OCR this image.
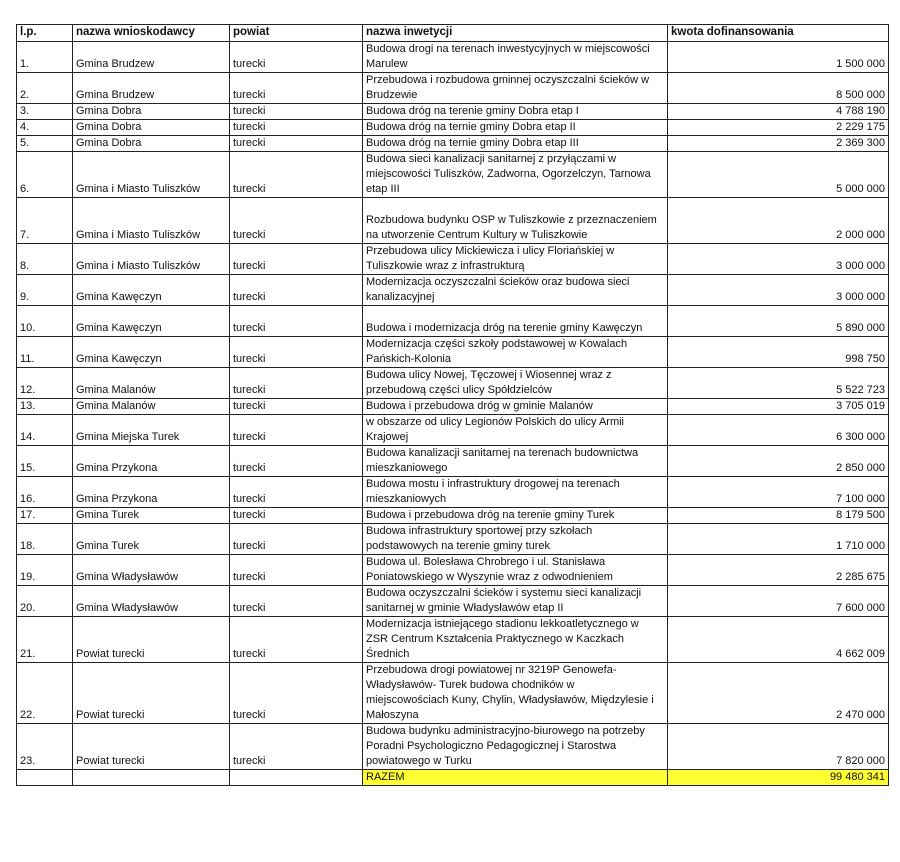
l.p.	nazwa wnioskodawcy	powiat	nazwa inwetycji	kwota dofinansowania
1.	Gmina Brudzew	turecki	Budowa drogi na terenach inwestycyjnych w miejscowości
Marulew	1 500 000
2.	Gmina Brudzew	turecki	Przebudowa i rozbudowa gminnej oczyszczalni ścieków w
Brudzewie	8 500 000
3.	Gmina Dobra	turecki	Budowa dróg na terenie gminy Dobra etap I	4 788 190
4.	Gmina Dobra	turecki	Budowa dróg na ternie gminy Dobra etap II	2 229 175
5.	Gmina Dobra	turecki	Budowa dróg na ternie gminy Dobra etap III	2 369 300
6.	Gmina i Miasto Tuliszków	turecki	Budowa sieci kanalizacji sanitarnej z przyłączami w
miejscowości Tuliszków, Zadworna, Ogorzelczyn, Tarnowa
etap III	5 000 000
7.	Gmina i Miasto Tuliszków	turecki	Rozbudowa budynku OSP w Tuliszkowie z przeznaczeniem
na utworzenie Centrum Kultury w Tuliszkowie	2 000 000
8.	Gmina i Miasto Tuliszków	turecki	Przebudowa ulicy Mickiewicza i ulicy Floriańskiej w
Tuliszkowie wraz z infrastrukturą	3 000 000
9.	Gmina Kawęczyn	turecki	Modernizacja oczyszczalni ścieków oraz budowa sieci
kanalizacyjnej	3 000 000
10.	Gmina Kawęczyn	turecki	Budowa i modernizacja dróg na terenie gminy Kawęczyn	5 890 000
11.	Gmina Kawęczyn	turecki	Modernizacja części szkoły podstawowej w Kowalach
Pańskich-Kolonia	998 750
12.	Gmina Malanów	turecki	Budowa ulicy Nowej, Tęczowej i Wiosennej wraz z
przebudową części ulicy Spółdzielców	5 522 723
13.	Gmina Malanów	turecki	Budowa i przebudowa dróg w gminie Malanów	3 705 019
14.	Gmina Miejska Turek	turecki	w obszarze od ulicy Legionów Polskich do ulicy Armii
Krajowej	6 300 000
15.	Gmina Przykona	turecki	Budowa kanalizacji sanitarnej na terenach budownictwa
mieszkaniowego	2 850 000
16.	Gmina Przykona	turecki	Budowa mostu i infrastruktury drogowej na terenach
mieszkaniowych	7 100 000
17.	Gmina Turek	turecki	Budowa i przebudowa dróg na terenie gminy Turek	8 179 500
18.	Gmina Turek	turecki	Budowa infrastruktury sportowej przy szkołach
podstawowych na terenie gminy turek	1 710 000
19.	Gmina Władysławów	turecki	Budowa ul. Bolesława Chrobrego i ul. Stanisława
Poniatowskiego w Wyszynie wraz z odwodnieniem	2 285 675
20.	Gmina Władysławów	turecki	Budowa oczyszczalni ścieków i systemu sieci kanalizacji
sanitarnej w gminie Władysławów etap II	7 600 000
21.	Powiat turecki	turecki	Modernizacja istniejącego stadionu lekkoatletycznego w
ZSR Centrum Kształcenia Praktycznego w Kaczkach
Średnich	4 662 009
22.	Powiat turecki	turecki	Przebudowa drogi powiatowej nr 3219P Genowefa-
Władysławów- Turek budowa chodników w
miejscowościach Kuny, Chylin, Władysławów, Międzylesie i
Małoszyna	2 470 000
23.	Powiat turecki	turecki	Budowa budynku administracyjno-biurowego na potrzeby
Poradni Psychologiczno Pedagogicznej i Starostwa
powiatowego w Turku	7 820 000
			RAZEM	99 480 341
